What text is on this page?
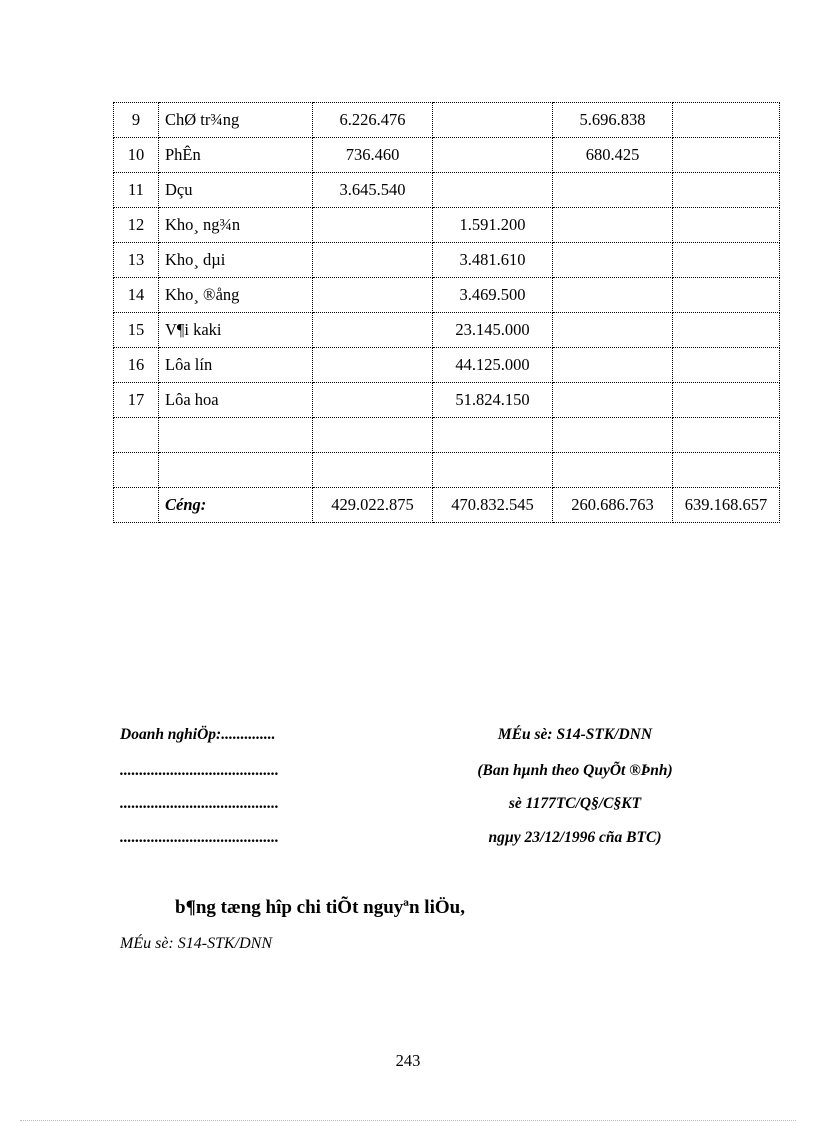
9	ChØ tr¾ng	6.226.476		5.696.838	
10	PhÊn	736.460		680.425	
11	Dçu	3.645.540			
12	Kho¸ ng¾n		1.591.200		
13	Kho¸ dµi		3.481.610		
14	Kho¸ ®ång		3.469.500		
15	V¶i kaki		23.145.000		
16	Lôa lín		44.125.000		
17	Lôa hoa		51.824.150		

	Céng:	429.022.875	470.832.545	260.686.763	639.168.657
Doanh nghiÖp:..............
.........................................
.........................................
.........................................
MÉu sè: S14-STK/DNN
(Ban hµnh theo QuyÕt ®Þnh)
sè 1177TC/Q§/C§KT
ngµy 23/12/1996 cña BTC)
b¶ng tæng hîp chi tiÕt nguyªn liÖu,
MÉu sè: S14-STK/DNN
243
